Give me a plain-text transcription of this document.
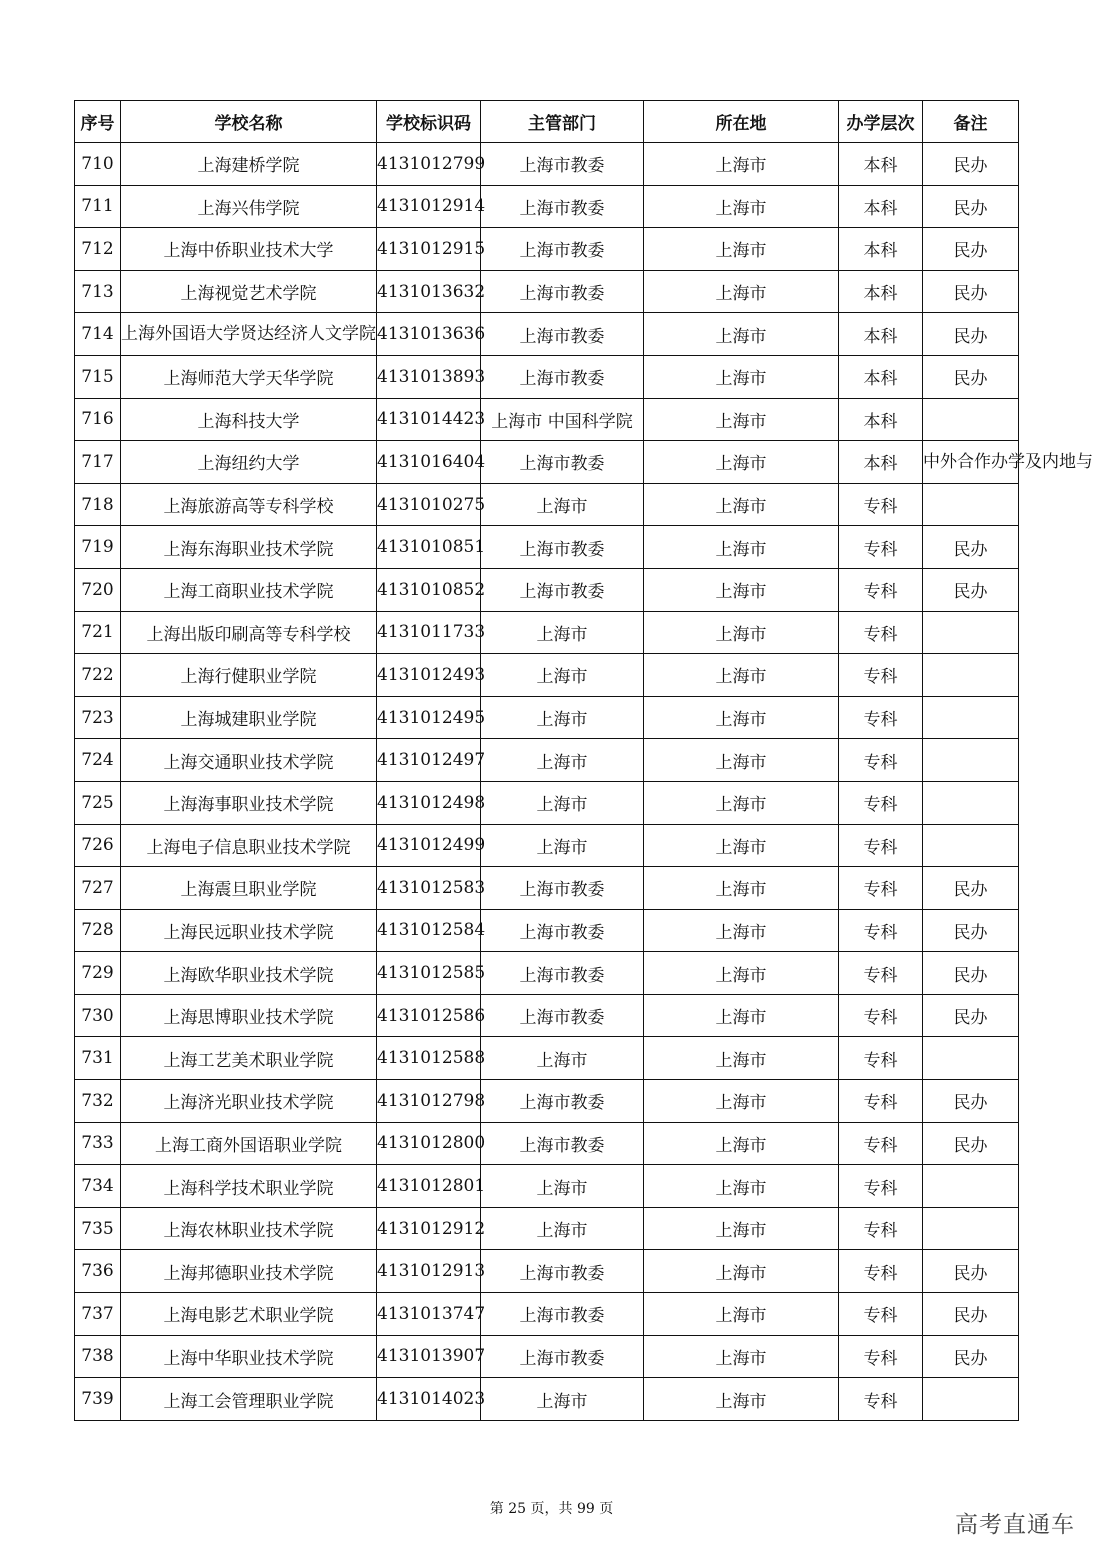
序号	学校名称	学校标识码	主管部门	所在地	办学层次	备注
710	上海建桥学院	4131012799	上海市教委	上海市	本科	民办
711	上海兴伟学院	4131012914	上海市教委	上海市	本科	民办
712	上海中侨职业技术大学	4131012915	上海市教委	上海市	本科	民办
713	上海视觉艺术学院	4131013632	上海市教委	上海市	本科	民办
714	上海外国语大学贤达经济人文学院	4131013636	上海市教委	上海市	本科	民办
715	上海师范大学天华学院	4131013893	上海市教委	上海市	本科	民办
716	上海科技大学	4131014423	上海市 中国科学院	上海市	本科	
717	上海纽约大学	4131016404	上海市教委	上海市	本科	中外合作办学及内地与
718	上海旅游高等专科学校	4131010275	上海市	上海市	专科	
719	上海东海职业技术学院	4131010851	上海市教委	上海市	专科	民办
720	上海工商职业技术学院	4131010852	上海市教委	上海市	专科	民办
721	上海出版印刷高等专科学校	4131011733	上海市	上海市	专科	
722	上海行健职业学院	4131012493	上海市	上海市	专科	
723	上海城建职业学院	4131012495	上海市	上海市	专科	
724	上海交通职业技术学院	4131012497	上海市	上海市	专科	
725	上海海事职业技术学院	4131012498	上海市	上海市	专科	
726	上海电子信息职业技术学院	4131012499	上海市	上海市	专科	
727	上海震旦职业学院	4131012583	上海市教委	上海市	专科	民办
728	上海民远职业技术学院	4131012584	上海市教委	上海市	专科	民办
729	上海欧华职业技术学院	4131012585	上海市教委	上海市	专科	民办
730	上海思博职业技术学院	4131012586	上海市教委	上海市	专科	民办
731	上海工艺美术职业学院	4131012588	上海市	上海市	专科	
732	上海济光职业技术学院	4131012798	上海市教委	上海市	专科	民办
733	上海工商外国语职业学院	4131012800	上海市教委	上海市	专科	民办
734	上海科学技术职业学院	4131012801	上海市	上海市	专科	
735	上海农林职业技术学院	4131012912	上海市	上海市	专科	
736	上海邦德职业技术学院	4131012913	上海市教委	上海市	专科	民办
737	上海电影艺术职业学院	4131013747	上海市教委	上海市	专科	民办
738	上海中华职业技术学院	4131013907	上海市教委	上海市	专科	民办
739	上海工会管理职业学院	4131014023	上海市	上海市	专科	
第 25 页，共 99 页
高考直通车
